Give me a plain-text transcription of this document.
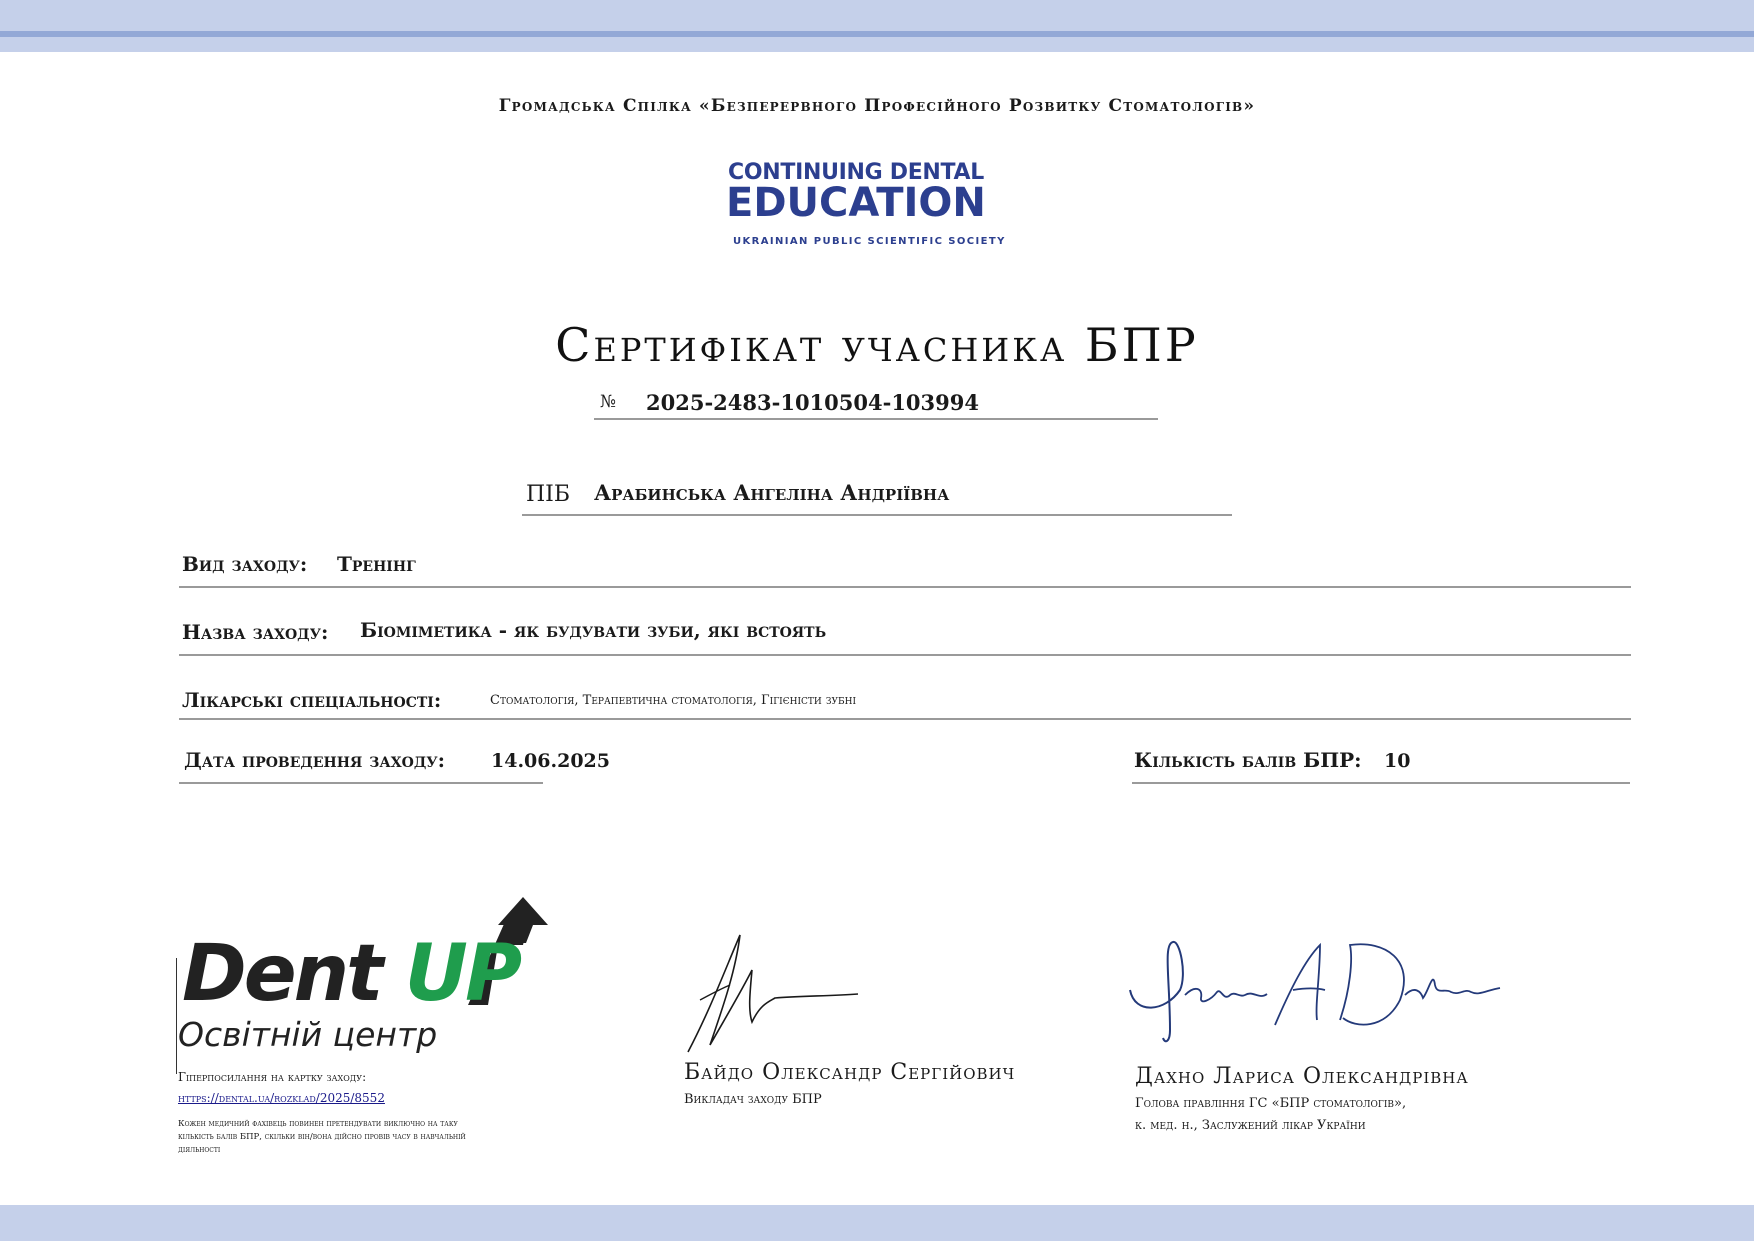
Громадська Спілка «Безперервного Професійного Розвитку Стоматологів»
CONTINUING DENTAL
EDUCATION
UKRAINIAN PUBLIC SCIENTIFIC SOCIETY
Сертифікат учасника БПР
№ 2025-2483-1010504-103994
ПІБ Арабинська Ангеліна Андріївна
Вид заходу: Тренінг
Назва заходу: Біоміметика - як будувати зуби, які встоять
Лікарські спеціальності:	Стоматологія, Терапевтична стоматологія, Гігієністи зубні
Дата проведення заходу: 14.06.2025	Кількість балів БПР: 10
Dent UP
Освітній центр
Гіперпосилання на картку заходу:
https://dental.ua/rozklad/2025/8552
Кожен медичний фахівець повинен претендувати виключно на таку кількість балів БПР, скільки він/вона дійсно провів часу в навчальній діяльності
Байдо Олександр Сергійович
Викладач заходу БПР
Дахно Лариса Олександрівна
Голова правління ГС «БПР стоматологів»,
к. мед. н., Заслужений лікар України
